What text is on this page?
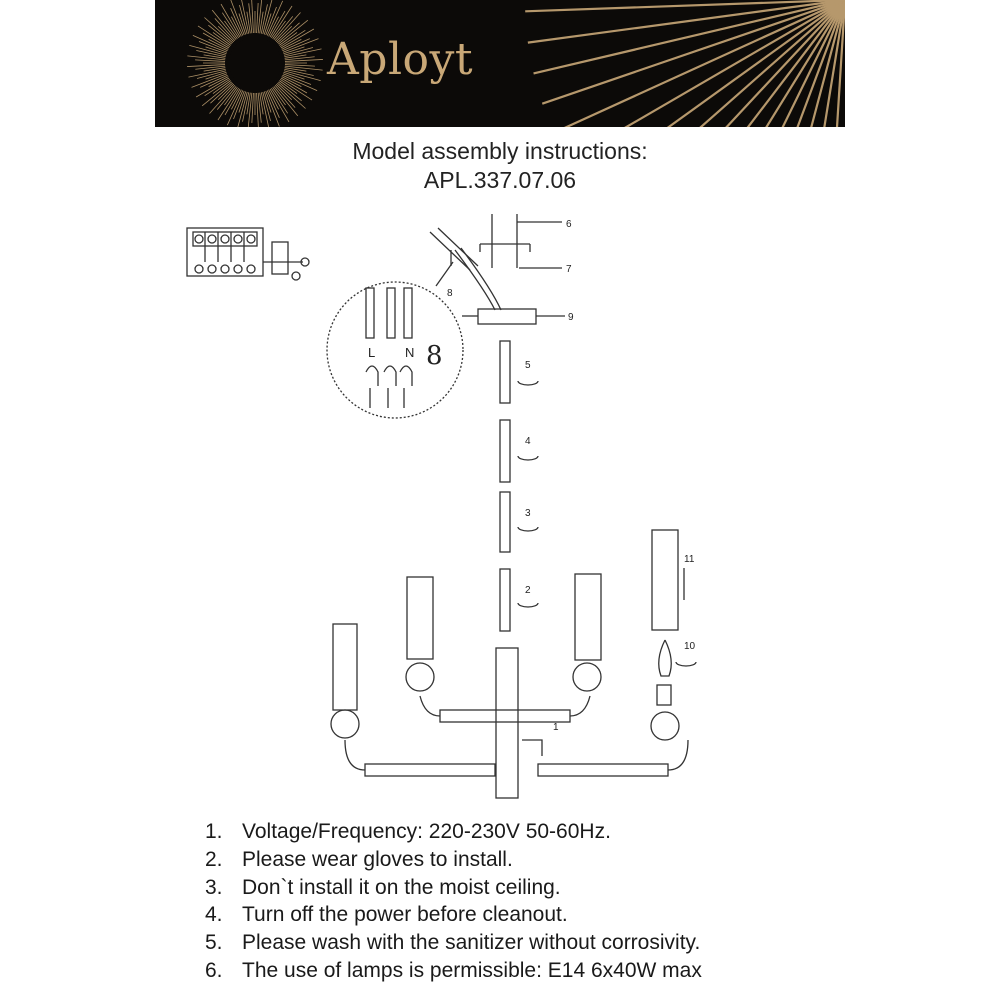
Aployt
Model assembly instructions:
APL.337.07.06
L N 8
6
7
8
9
5
4
3
2
1
10
11
1. Voltage/Frequency: 220-230V 50-60Hz.
2. Please wear gloves to install.
3. Don`t install it on the moist ceiling.
4. Turn off the power before cleanout.
5. Please wash with the sanitizer without corrosivity.
6. The use of lamps is permissible: E14 6x40W max
